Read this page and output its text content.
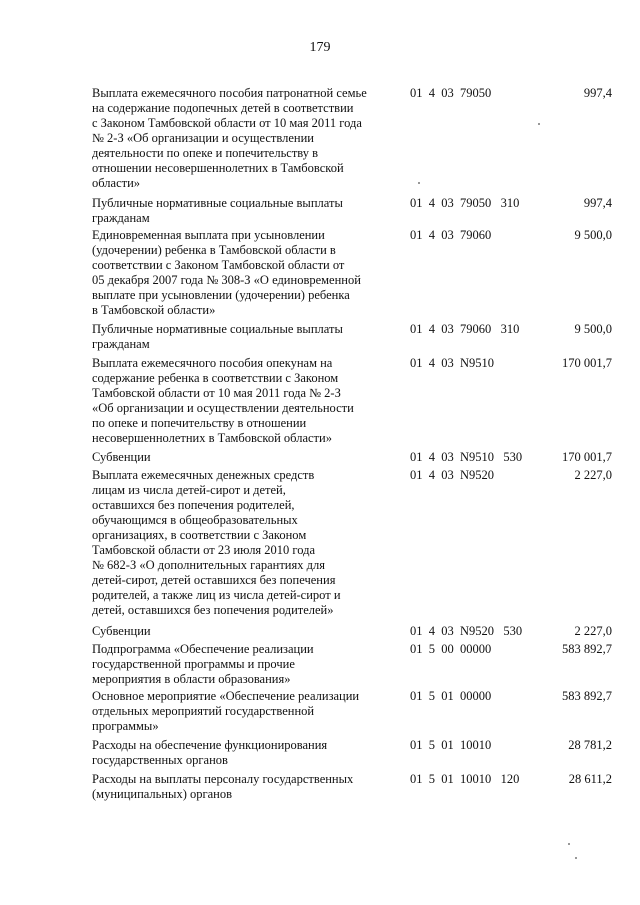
179
Выплата ежемесячного пособия патронатной семье
на содержание подопечных детей в соответствии
с Законом Тамбовской области от 10 мая 2011 года
№ 2-З «Об организации и осуществлении
деятельности по опеке и попечительству в
отношении несовершеннолетних в Тамбовской
области»
01  4  03  79050	997,4
Публичные нормативные социальные выплаты
гражданам
01  4  03  79050   310	997,4
Единовременная выплата при усыновлении
(удочерении) ребенка в Тамбовской области в
соответствии с Законом Тамбовской области от
05 декабря 2007 года № 308-З «О единовременной
выплате при усыновлении (удочерении) ребенка
в Тамбовской области»
01  4  03  79060	9 500,0
Публичные нормативные социальные выплаты
гражданам
01  4  03  79060   310	9 500,0
Выплата ежемесячного пособия опекунам на
содержание ребенка в соответствии с Законом
Тамбовской области от 10 мая 2011 года № 2-З
«Об организации и осуществлении деятельности
по опеке и попечительству в отношении
несовершеннолетних в Тамбовской области»
01  4  03  N9510	170 001,7
Субвенции	01  4  03  N9510   530	170 001,7
Выплата ежемесячных денежных средств
лицам из числа детей-сирот и детей,
оставшихся без попечения родителей,
обучающимся в общеобразовательных
организациях, в соответствии с Законом
Тамбовской области от 23 июля 2010 года
№ 682-З «О дополнительных гарантиях для
детей-сирот, детей оставшихся без попечения
родителей, а также лиц из числа детей-сирот и
детей, оставшихся без попечения родителей»
01  4  03  N9520	2 227,0
Субвенции	01  4  03  N9520   530	2 227,0
Подпрограмма «Обеспечение реализации
государственной программы и прочие
мероприятия в области образования»
01  5  00  00000	583 892,7
Основное мероприятие «Обеспечение реализации
отдельных мероприятий государственной
программы»
01  5  01  00000	583 892,7
Расходы на обеспечение функционирования
государственных органов
01  5  01  10010	28 781,2
Расходы на выплаты персоналу государственных
(муниципальных) органов
01  5  01  10010   120	28 611,2
